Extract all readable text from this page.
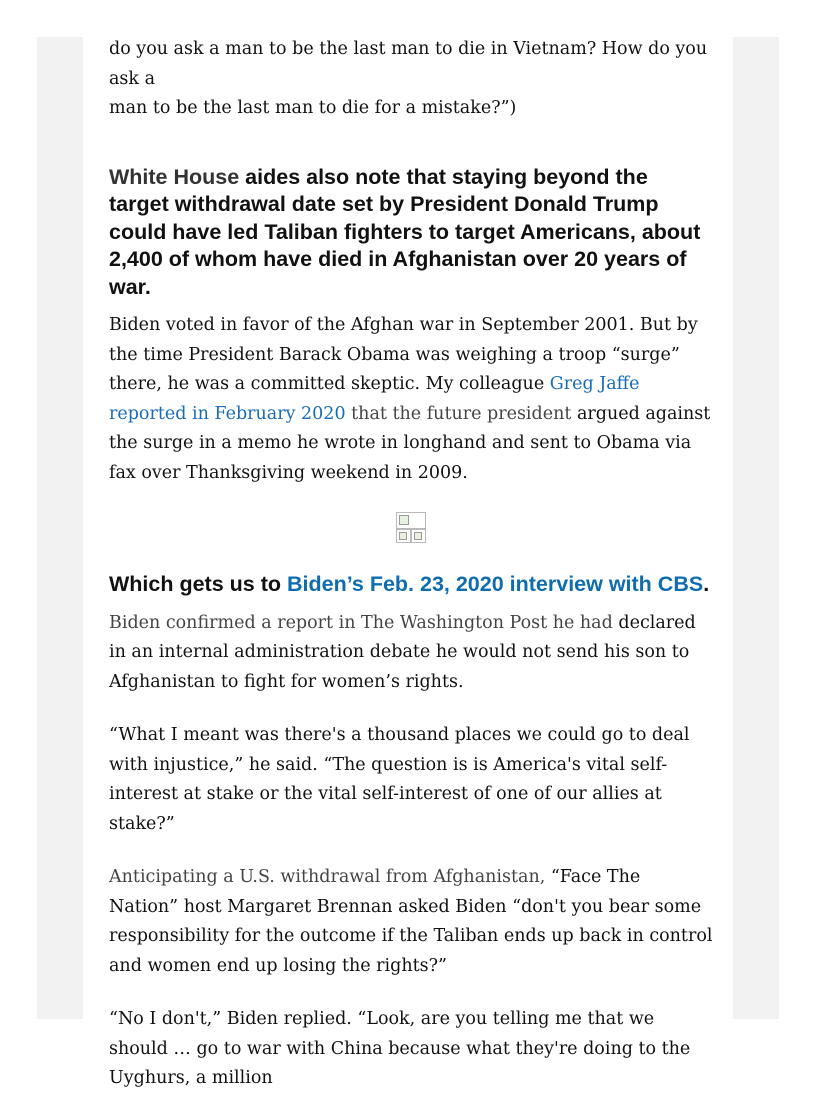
do you ask a man to be the last man to die in Vietnam? How do you ask a
man to be the last man to die for a mistake?”)

White House aides also note that staying beyond the target withdrawal date set by President Donald Trump could have led Taliban fighters to target Americans, about 2,400 of whom have died in Afghanistan over 20 years of war.

Biden voted in favor of the Afghan war in September 2001. But by the time President Barack Obama was weighing a troop “surge” there, he was a committed skeptic. My colleague Greg Jaffe reported in February 2020 that the future president argued against the surge in a memo he wrote in longhand and sent to Obama via fax over Thanksgiving weekend in 2009.

Which gets us to Biden’s Feb. 23, 2020 interview with CBS.

Biden confirmed a report in The Washington Post he had declared in an internal administration debate he would not send his son to Afghanistan to fight for women’s rights.

“What I meant was there's a thousand places we could go to deal with injustice,” he said. “The question is is America's vital self-interest at stake or the vital self-interest of one of our allies at stake?”

Anticipating a U.S. withdrawal from Afghanistan, “Face The Nation” host Margaret Brennan asked Biden “don't you bear some responsibility for the outcome if the Taliban ends up back in control and women end up losing the rights?”

“No I don't,” Biden replied. “Look, are you telling me that we should … go to war with China because what they're doing to the Uyghurs, a million
